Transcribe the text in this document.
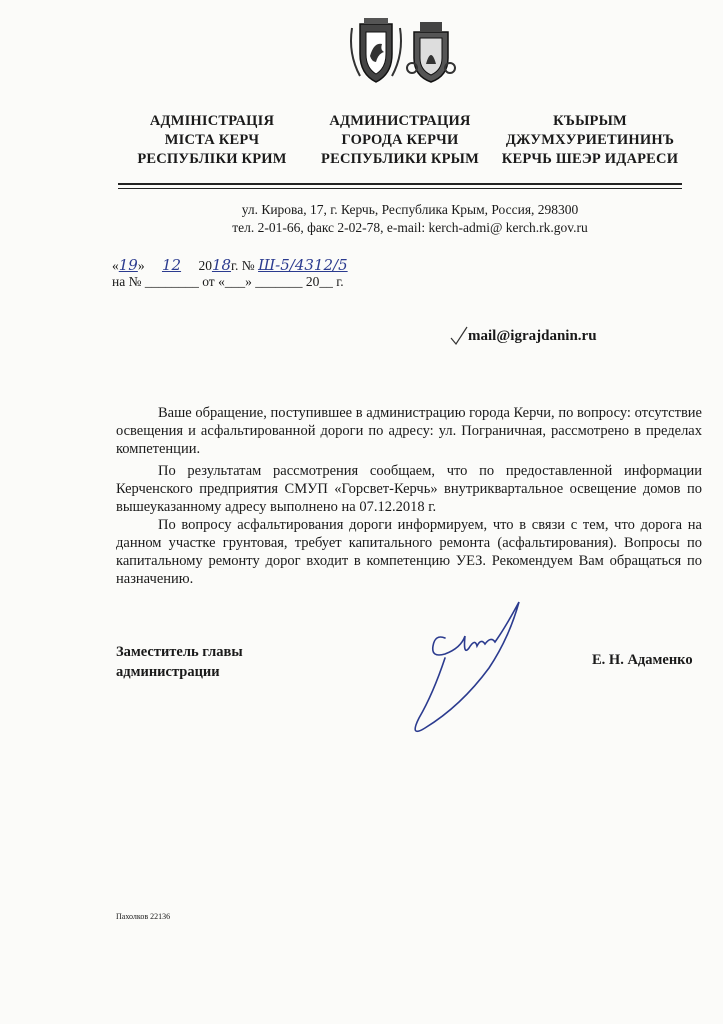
АДМІНІСТРАЦІЯ
МІСТА КЕРЧ
РЕСПУБЛІКИ КРИМ
АДМИНИСТРАЦИЯ
ГОРОДА КЕРЧИ
РЕСПУБЛИКИ КРЫМ
КЪЫРЫМ
ДЖУМХУРИЕТИНИНЪ
КЕРЧЬ ШЕЭР ИДАРЕСИ
ул. Кирова, 17, г. Керчь, Республика Крым, Россия, 298300
тел. 2-01-66, факс 2-02-78, e-mail: kerch-admi@ kerch.rk.gov.ru
«19» 12 2018г. № Ш-5/4312/5
на № ________ от «___» _______ 20__ г.
mail@igrajdanin.ru
Ваше обращение, поступившее в администрацию города Керчи, по вопросу: отсутствие освещения и асфальтированной дороги по адресу: ул. Пограничная, рассмотрено в пределах компетенции.
По результатам рассмотрения сообщаем, что по предоставленной информации Керченского предприятия СМУП «Горсвет-Керчь» внутриквартальное освещение домов по вышеуказанному адресу выполнено на 07.12.2018 г.
По вопросу асфальтирования дороги информируем, что в связи с тем, что дорога на данном участке грунтовая, требует капитального ремонта (асфальтирования). Вопросы по капитальному ремонту дорог входит в компетенцию УЕЗ. Рекомендуем Вам обращаться по назначению.
Заместитель главы
администрации
Е. Н. Адаменко
Пахолков 22136
